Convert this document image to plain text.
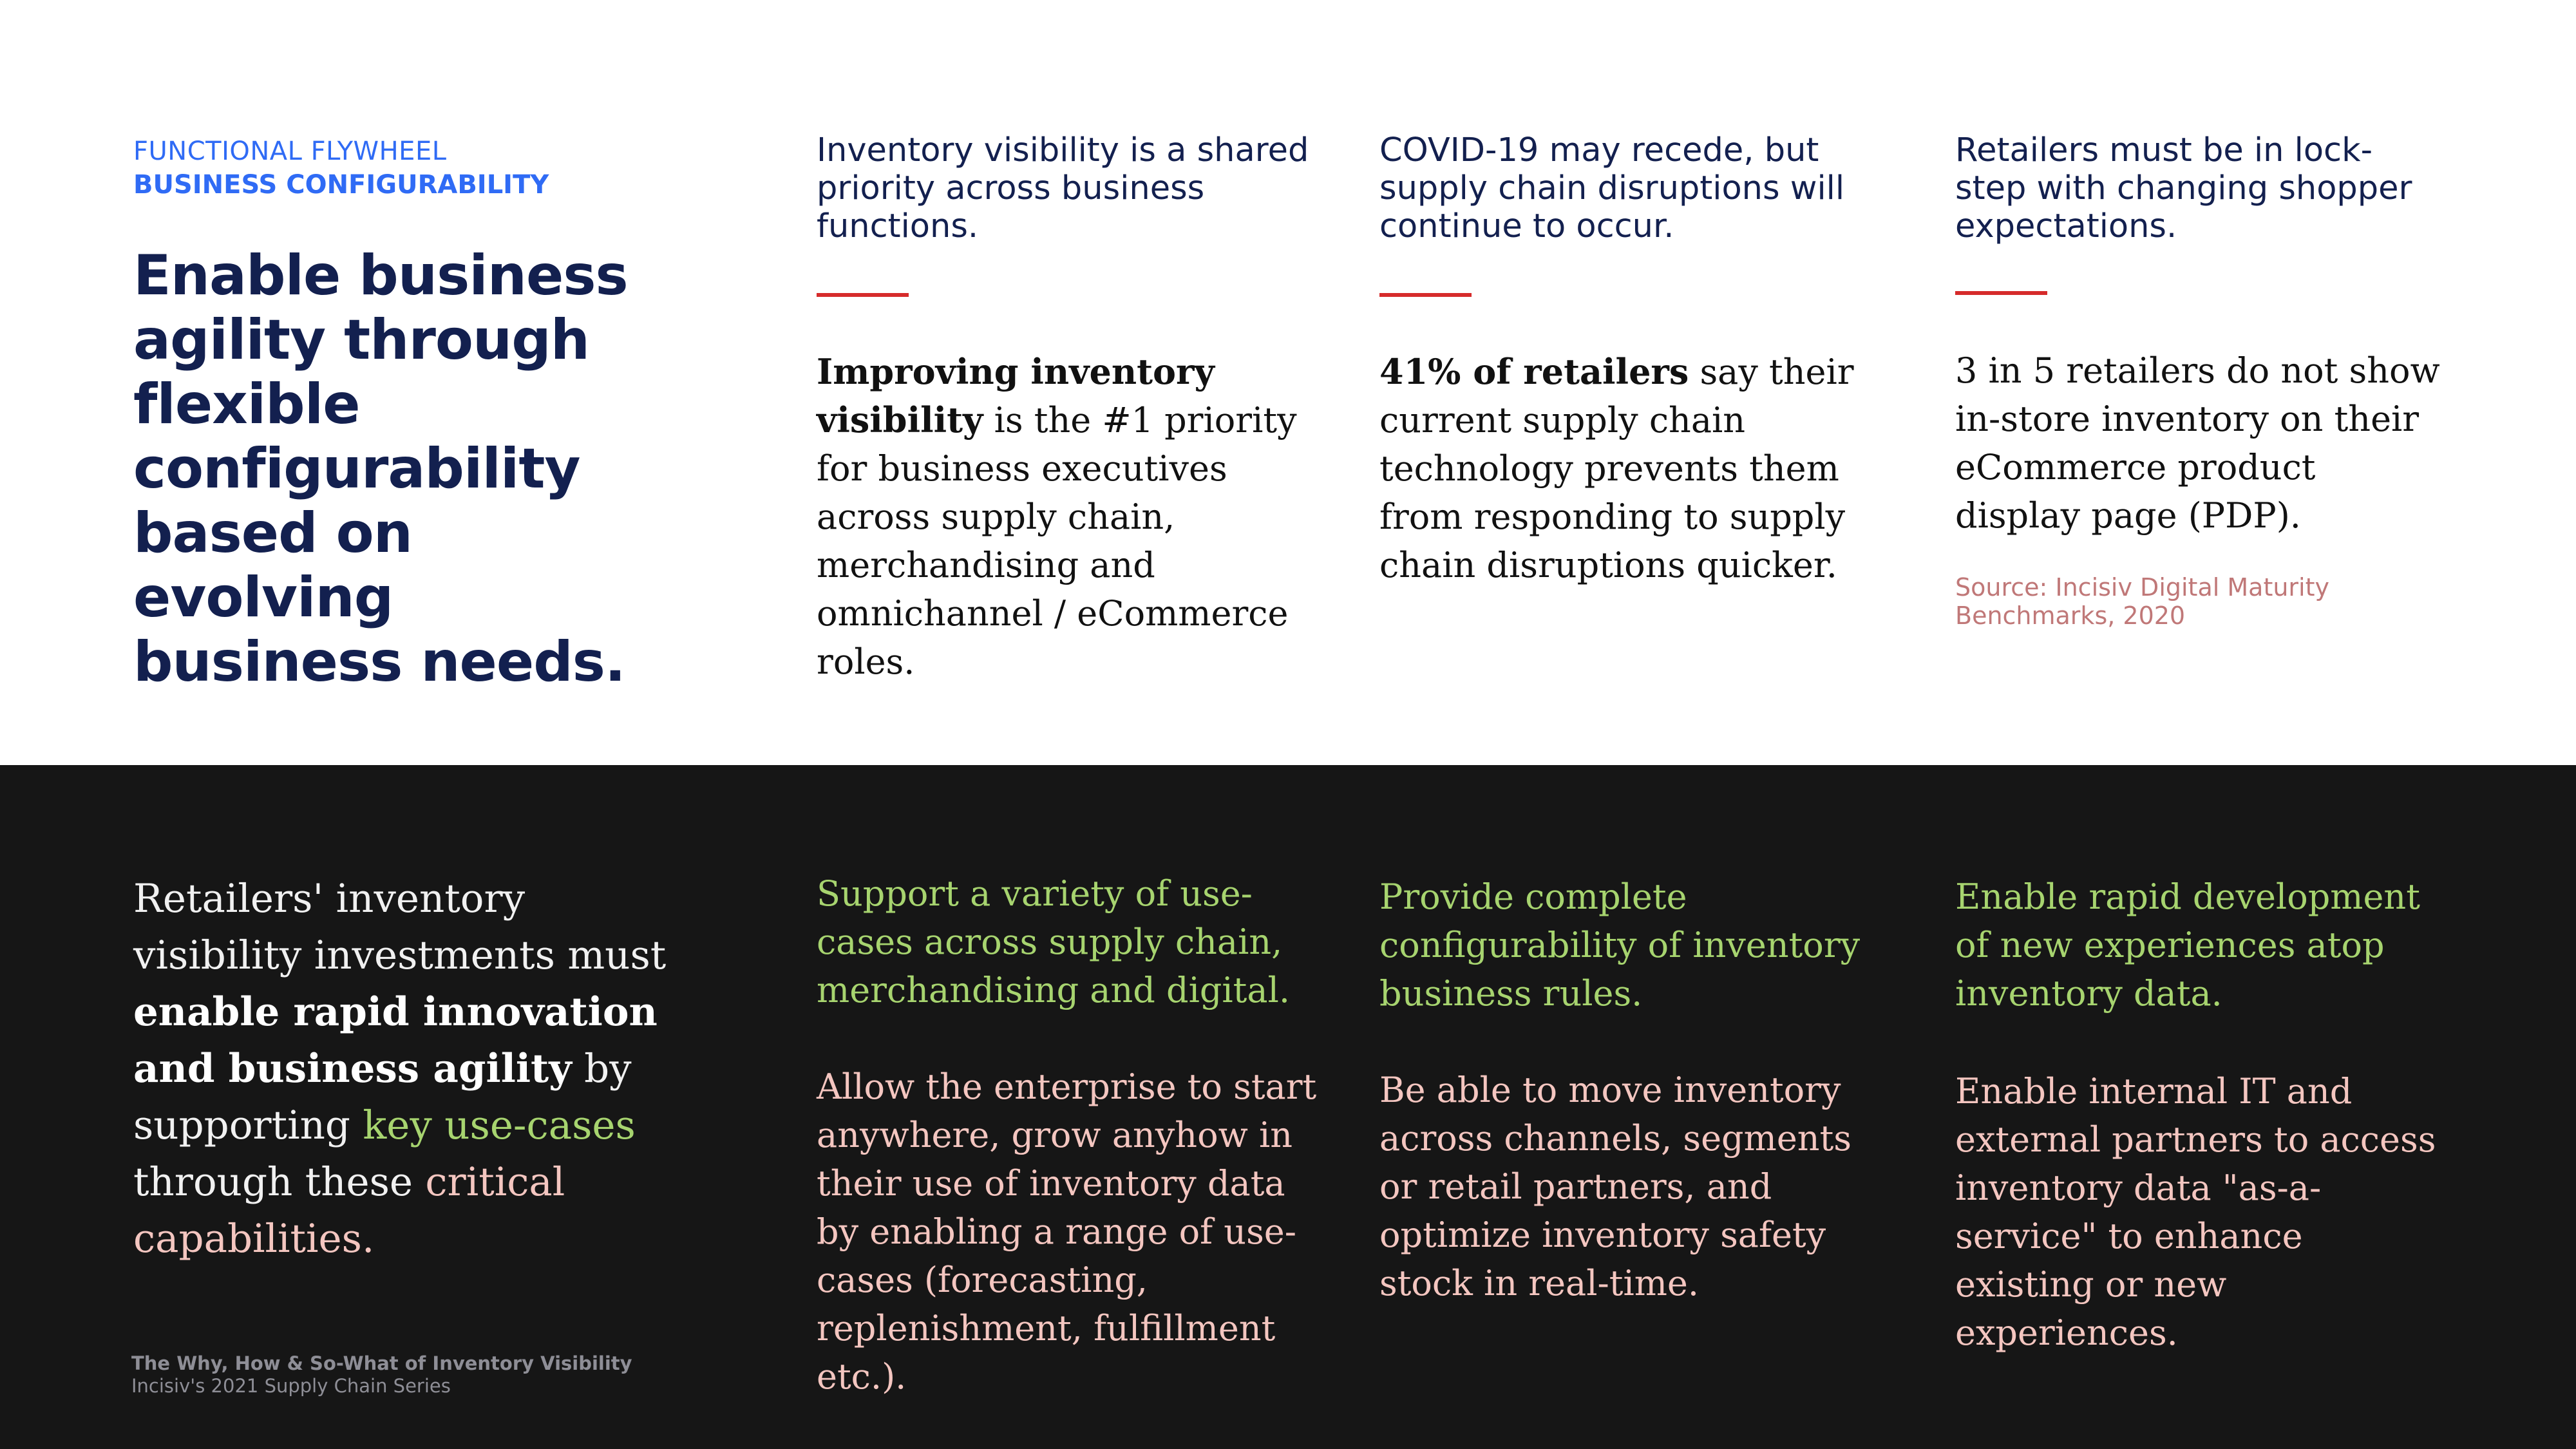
FUNCTIONAL FLYWHEEL
BUSINESS CONFIGURABILITY
Enable business
agility through
flexible
configurability
based on evolving
business needs.
Inventory visibility is a shared
priority across business
functions.
Improving inventory visibility is the #1 priority for business executives across supply chain, merchandising and omnichannel / eCommerce roles.
COVID-19 may recede, but
supply chain disruptions will
continue to occur.
41% of retailers say their current supply chain technology prevents them from responding to supply chain disruptions quicker.
Retailers must be in lock-
step with changing shopper
expectations.
3 in 5 retailers do not show in-store inventory on their eCommerce product display page (PDP).
Source: Incisiv Digital Maturity Benchmarks, 2020
Retailers' inventory visibility investments must enable rapid innovation and business agility by supporting key use-cases through these critical capabilities.
Support a variety of use-cases across supply chain, merchandising and digital.
Allow the enterprise to start anywhere, grow anyhow in their use of inventory data by enabling a range of use-cases (forecasting, replenishment, fulfillment etc.).
Provide complete configurability of inventory business rules.
Be able to move inventory across channels, segments or retail partners, and optimize inventory safety stock in real-time.
Enable rapid development of new experiences atop inventory data.
Enable internal IT and external partners to access inventory data "as-a-service" to enhance existing or new experiences.
The Why, How & So-What of Inventory Visibility
Incisiv's 2021 Supply Chain Series
